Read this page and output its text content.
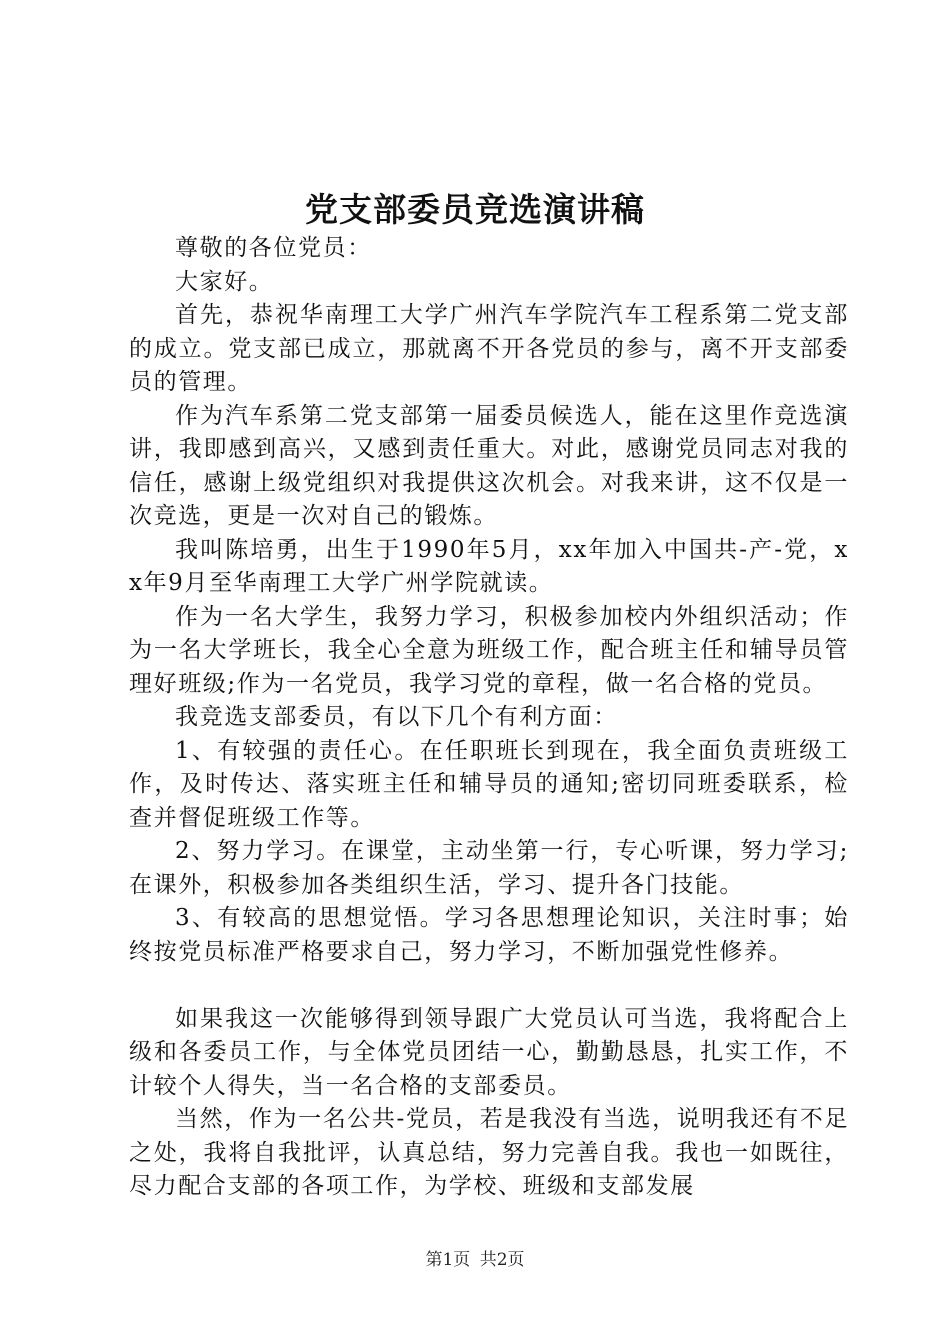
党支部委员竞选演讲稿

尊敬的各位党员：

大家好。

首先，恭祝华南理工大学广州汽车学院汽车工程系第二党支部的成立。党支部已成立，那就离不开各党员的参与，离不开支部委员的管理。

作为汽车系第二党支部第一届委员候选人，能在这里作竞选演讲，我即感到高兴，又感到责任重大。对此，感谢党员同志对我的信任，感谢上级党组织对我提供这次机会。对我来讲，这不仅是一次竞选，更是一次对自己的锻炼。

我叫陈培勇，出生于1990年5月，xx年加入中国共-产-党，xx年9月至华南理工大学广州学院就读。

作为一名大学生，我努力学习，积极参加校内外组织活动；作为一名大学班长，我全心全意为班级工作，配合班主任和辅导员管理好班级;作为一名党员，我学习党的章程，做一名合格的党员。

我竞选支部委员，有以下几个有利方面：

1、有较强的责任心。在任职班长到现在，我全面负责班级工作，及时传达、落实班主任和辅导员的通知;密切同班委联系，检查并督促班级工作等。

2、努力学习。在课堂，主动坐第一行，专心听课，努力学习;在课外，积极参加各类组织生活，学习、提升各门技能。

3、有较高的思想觉悟。学习各思想理论知识，关注时事；始终按党员标准严格要求自己，努力学习，不断加强党性修养。

如果我这一次能够得到领导跟广大党员认可当选，我将配合上级和各委员工作，与全体党员团结一心，勤勤恳恳，扎实工作，不计较个人得失，当一名合格的支部委员。

当然，作为一名公共-党员，若是我没有当选，说明我还有不足之处，我将自我批评，认真总结，努力完善自我。我也一如既往，尽力配合支部的各项工作，为学校、班级和支部发展

第1页 共2页
